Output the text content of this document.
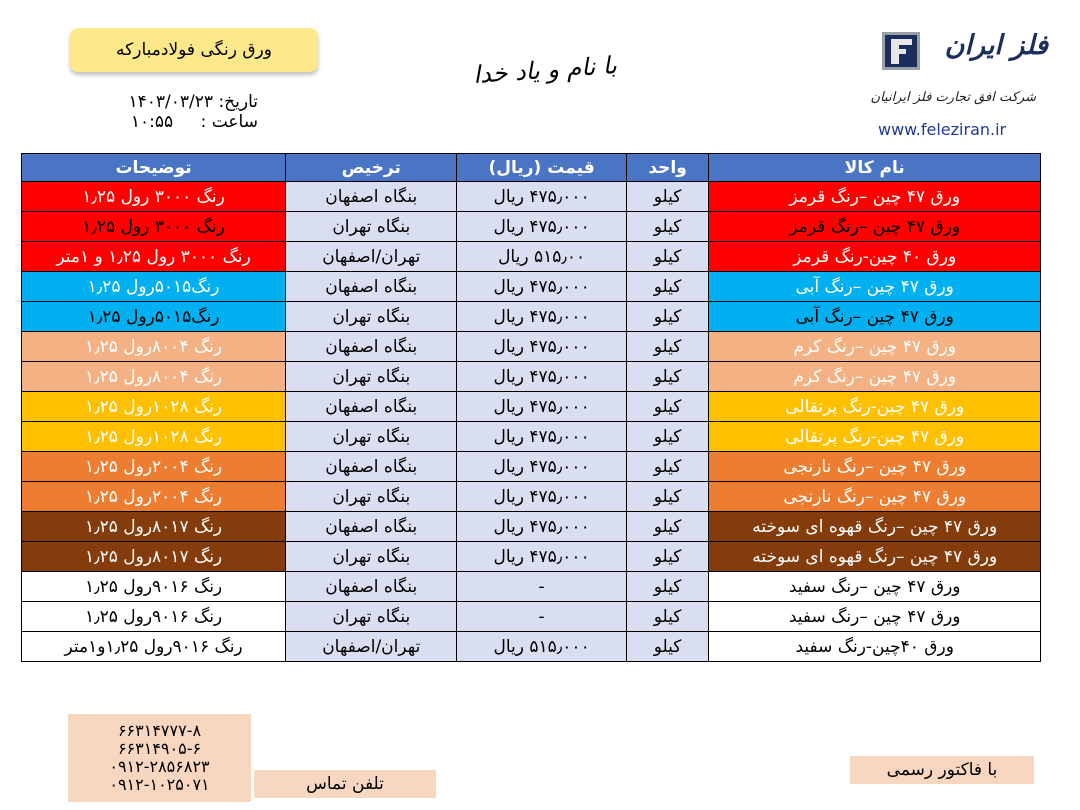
ورق رنگی فولادمبارکه
تاریخ: ۱۴۰۳/۰۳/۲۳
ساعت : ۱۰:۵۵
با نام و یاد خدا
فلز ایران
شرکت افق تجارت فلز ایرانیان
www.feleziran.ir
نام کالا	واحد	قیمت (ریال)	ترخیص	توضیحات
ورق ۴۷ چین –رنگ قرمز	کیلو	۴۷۵٫۰۰۰ ریال	بنگاه اصفهان	رنگ ۳۰۰۰ رول ۱٫۲۵
ورق ۴۷ چین –رنگ قرمز	کیلو	۴۷۵٫۰۰۰ ریال	بنگاه تهران	رنگ ۳۰۰۰ رول ۱٫۲۵
ورق ۴۰ چین-رنگ قرمز	کیلو	۵۱۵٫۰۰ ریال	تهران/اصفهان	رنگ ۳۰۰۰ رول ۱٫۲۵ و ۱متر
ورق ۴۷ چین –رنگ آبی	کیلو	۴۷۵٫۰۰۰ ریال	بنگاه اصفهان	رنگ۵۰۱۵رول ۱٫۲۵
ورق ۴۷ چین –رنگ آبی	کیلو	۴۷۵٫۰۰۰ ریال	بنگاه تهران	رنگ۵۰۱۵رول ۱٫۲۵
ورق ۴۷ چین –رنگ کرم	کیلو	۴۷۵٫۰۰۰ ریال	بنگاه اصفهان	رنگ ۸۰۰۴رول ۱٫۲۵
ورق ۴۷ چین –رنگ کرم	کیلو	۴۷۵٫۰۰۰ ریال	بنگاه تهران	رنگ ۸۰۰۴رول ۱٫۲۵
ورق ۴۷ چین-رنگ پرتقالی	کیلو	۴۷۵٫۰۰۰ ریال	بنگاه اصفهان	رنگ ۱۰۲۸رول ۱٫۲۵
ورق ۴۷ چین-رنگ پرتقالی	کیلو	۴۷۵٫۰۰۰ ریال	بنگاه تهران	رنگ ۱۰۲۸رول ۱٫۲۵
ورق ۴۷ چین –رنگ نارنجی	کیلو	۴۷۵٫۰۰۰ ریال	بنگاه اصفهان	رنگ ۲۰۰۴رول ۱٫۲۵
ورق ۴۷ چین –رنگ نارنجی	کیلو	۴۷۵٫۰۰۰ ریال	بنگاه تهران	رنگ ۲۰۰۴رول ۱٫۲۵
ورق ۴۷ چین –رنگ قهوه ای سوخته	کیلو	۴۷۵٫۰۰۰ ریال	بنگاه اصفهان	رنگ ۸۰۱۷رول ۱٫۲۵
ورق ۴۷ چین –رنگ قهوه ای سوخته	کیلو	۴۷۵٫۰۰۰ ریال	بنگاه تهران	رنگ ۸۰۱۷رول ۱٫۲۵
ورق ۴۷ چین –رنگ سفید	کیلو	-	بنگاه اصفهان	رنگ ۹۰۱۶رول ۱٫۲۵
ورق ۴۷ چین –رنگ سفید	کیلو	-	بنگاه تهران	رنگ ۹۰۱۶رول ۱٫۲۵
ورق ۴۰چین-رنگ سفید	کیلو	۵۱۵٫۰۰۰ ریال	تهران/اصفهان	رنگ ۹۰۱۶رول ۱٫۲۵و۱متر
۶۶۳۱۴۷۷۷-۸
۶۶۳۱۴۹۰۵-۶
۰۹۱۲-۲۸۵۶۸۲۳
۰۹۱۲-۱۰۲۵۰۷۱	تلفن تماس
با فاکتور رسمی
